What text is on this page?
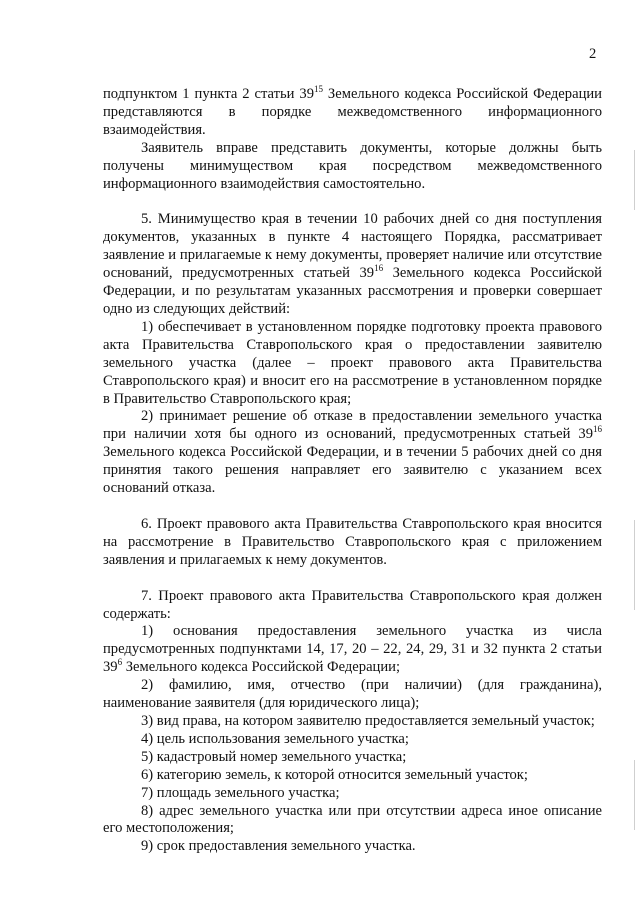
2

подпунктом 1 пункта 2 статьи $39^{15}$ Земельного кодекса Российской Федерации представляются в порядке межведомственного информационного взаимодействия.

Заявитель вправе представить документы, которые должны быть получены минимуществом края посредством межведомственного информационного взаимодействия самостоятельно.

5. Минимущество края в течении 10 рабочих дней со дня поступления документов, указанных в пункте 4 настоящего Порядка, рассматривает заявление и прилагаемые к нему документы, проверяет наличие или отсутствие оснований, предусмотренных статьей $39^{16}$ Земельного кодекса Российской Федерации, и по результатам указанных рассмотрения и проверки совершает одно из следующих действий:

1) обеспечивает в установленном порядке подготовку проекта правового акта Правительства Ставропольского края о предоставлении заявителю земельного участка (далее – проект правового акта Правительства Ставропольского края) и вносит его на рассмотрение в установленном порядке в Правительство Ставропольского края;

2) принимает решение об отказе в предоставлении земельного участка при наличии хотя бы одного из оснований, предусмотренных статьей $39^{16}$ Земельного кодекса Российской Федерации, и в течении 5 рабочих дней со дня принятия такого решения направляет его заявителю с указанием всех оснований отказа.

6. Проект правового акта Правительства Ставропольского края вносится на рассмотрение в Правительство Ставропольского края с приложением заявления и прилагаемых к нему документов.

7. Проект правового акта Правительства Ставропольского края должен содержать:

1) основания предоставления земельного участка из числа предусмотренных подпунктами 14, 17, 20 – 22, 24, 29, 31 и 32 пункта 2 статьи $39^6$ Земельного кодекса Российской Федерации;

2) фамилию, имя, отчество (при наличии) (для гражданина), наименование заявителя (для юридического лица);

3) вид права, на котором заявителю предоставляется земельный участок;

4) цель использования земельного участка;

5) кадастровый номер земельного участка;

6) категорию земель, к которой относится земельный участок;

7) площадь земельного участка;

8) адрес земельного участка или при отсутствии адреса иное описание его местоположения;

9) срок предоставления земельного участка.
